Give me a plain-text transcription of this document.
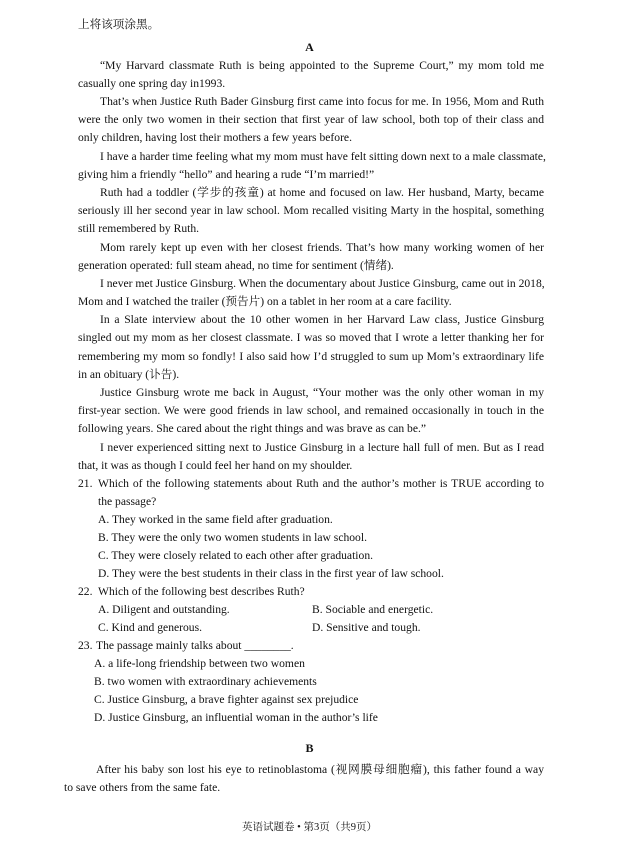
上将该项涂黑。
A
“My Harvard classmate Ruth is being appointed to the Supreme Court,” my mom told me
casually one spring day in1993.
That’s when Justice Ruth Bader Ginsburg first came into focus for me. In 1956, Mom and Ruth
were the only two women in their section that first year of law school, both top of their class and
only children, having lost their mothers a few years before.
I have a harder time feeling what my mom must have felt sitting down next to a male classmate,
giving him a friendly “hello” and hearing a rude “I’m married!”
Ruth had a toddler (学步的孩童) at home and focused on law. Her husband, Marty, became
seriously ill her second year in law school. Mom recalled visiting Marty in the hospital, something
still remembered by Ruth.
Mom rarely kept up even with her closest friends. That’s how many working women of her
generation operated: full steam ahead, no time for sentiment (情绪).
I never met Justice Ginsburg. When the documentary about Justice Ginsburg, came out in 2018,
Mom and I watched the trailer (预告片) on a tablet in her room at a care facility.
In a Slate interview about the 10 other women in her Harvard Law class, Justice Ginsburg
singled out my mom as her closest classmate. I was so moved that I wrote a letter thanking her for
remembering my mom so fondly! I also said how I’d struggled to sum up Mom’s extraordinary life
in an obituary (讣告).
Justice Ginsburg wrote me back in August, “Your mother was the only other woman in my
first-year section. We were good friends in law school, and remained occasionally in touch in the
following years. She cared about the right things and was brave as can be.”
I never experienced sitting next to Justice Ginsburg in a lecture hall full of men. But as I read
that, it was as though I could feel her hand on my shoulder.
21. Which of the following statements about Ruth and the author’s mother is TRUE according to
the passage?
A. They worked in the same field after graduation.
B. They were the only two women students in law school.
C. They were closely related to each other after graduation.
D. They were the best students in their class in the first year of law school.
22. Which of the following best describes Ruth?
A. Diligent and outstanding.	B. Sociable and energetic.
C. Kind and generous.	D. Sensitive and tough.
23. The passage mainly talks about ________.
A. a life-long friendship between two women
B. two women with extraordinary achievements
C. Justice Ginsburg, a brave fighter against sex prejudice
D. Justice Ginsburg, an influential woman in the author’s life
B
After his baby son lost his eye to retinoblastoma (视网膜母细胞瘤), this father found a way
to save others from the same fate.
英语试题卷 • 第3页（共9页）
